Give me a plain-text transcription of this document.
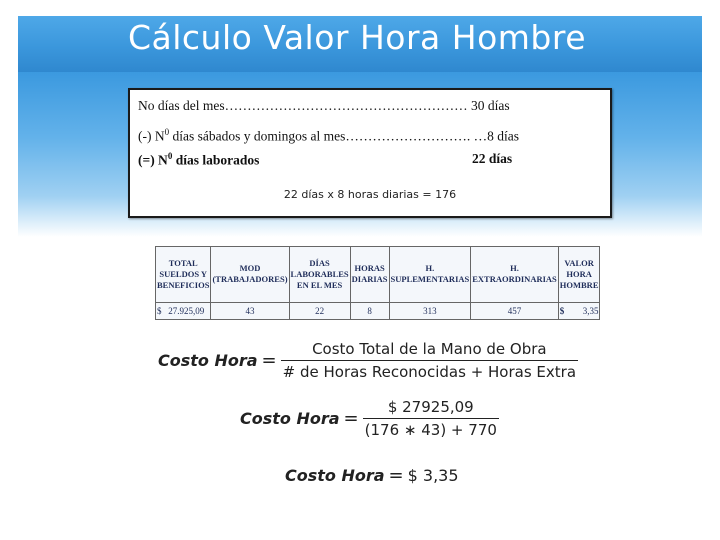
Cálculo Valor Hora Hombre
No días del mes……………………………………………… 30 días
(-) $N^0$ días sábados y domingos al mes………………………. …8 días
(=) $N^0$ días laborados	22 días
22 días x 8 horas diarias = 176
TOTAL SUELDOS Y BENEFICIOS	MOD (TRABAJADORES)	DÍAS LABORABLES EN EL MES	HORAS DIARIAS	H. SUPLEMENTARIAS	H. EXTRAORDINARIAS	VALOR HORA HOMBRE
$ 27.925,09	43	22	8	313	457	$ 3,35
Costo Hora = $\frac{\text{Costo Total de la Mano de Obra}}{\text{\# de Horas Reconocidas + Horas Extra}}$
Costo Hora = $\frac{\$ 27925,09}{(176 ∗ 43) + 770}$
Costo Hora = $ 3,35
